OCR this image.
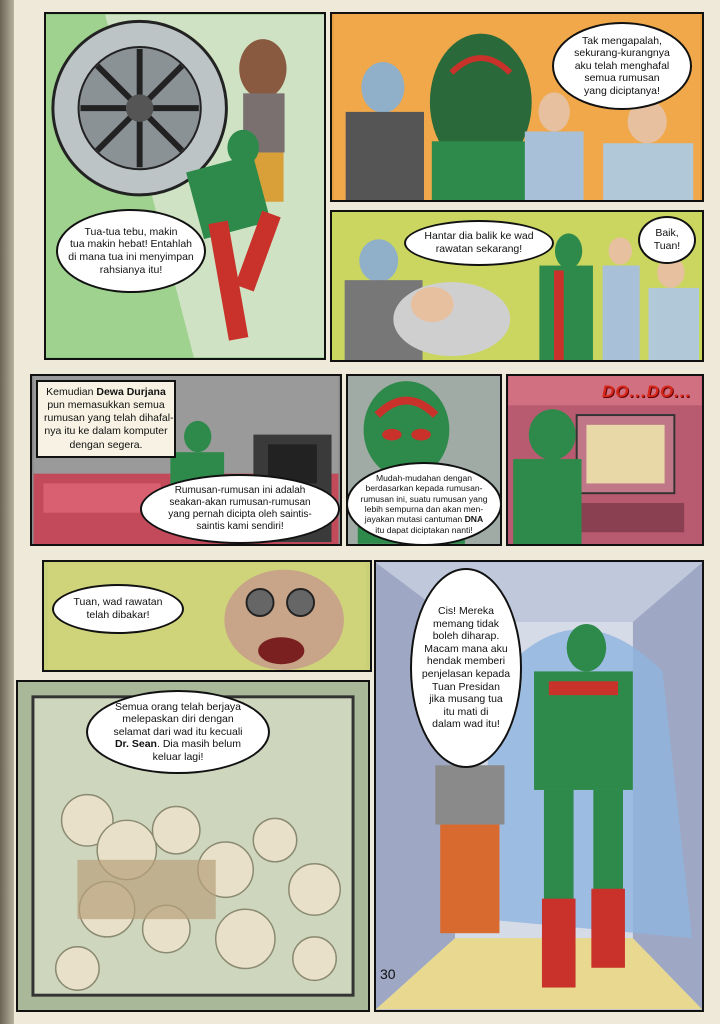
Tua-tua tebu, makin
tua makin hebat! Entahlah
di mana tua ini menyimpan
rahsianya itu!
Tak mengapalah,
sekurang-kurangnya
aku telah menghafal
semua rumusan
yang diciptanya!
Hantar dia balik ke wad
rawatan sekarang!
Baik,
Tuan!
Kemudian Dewa Durjana
pun memasukkan semua
rumusan yang telah dihafal-
nya itu ke dalam komputer
dengan segera.
Rumusan-rumusan ini adalah
seakan-akan rumusan-rumusan
yang pernah dicipta oleh saintis-
saintis kami sendiri!
Mudah-mudahan dengan
berdasarkan kepada rumusan-
rumusan ini, suatu rumusan yang
lebih sempurna dan akan men-
jayakan mutasi cantuman DNA
itu dapat diciptakan nanti!
DO...DO...
Tuan, wad rawatan
telah dibakar!
Semua orang telah berjaya
melepaskan diri dengan
selamat dari wad itu kecuali
Dr. Sean. Dia masih belum
keluar lagi!
Cis! Mereka
memang tidak
boleh diharap.
Macam mana aku
hendak memberi
penjelasan kepada
Tuan Presidan
jika musang tua
itu mati di
dalam wad itu!
30
